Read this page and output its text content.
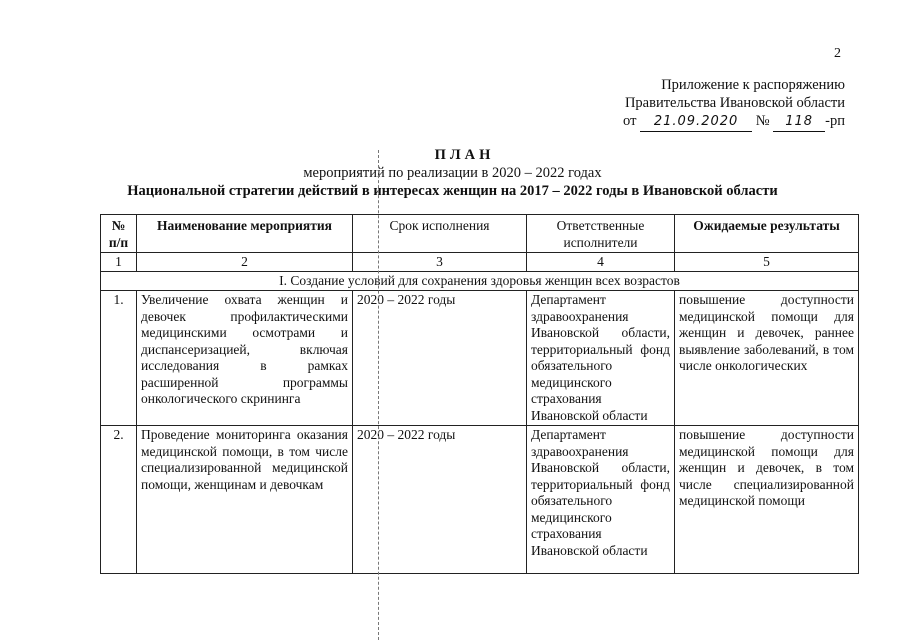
2
Приложение к распоряжению
Правительства Ивановской области
от 21.09.2020 № 118 -рп
ПЛАН
мероприятий по реализации в 2020 – 2022 годах
Национальной стратегии действий в интересах женщин на 2017 – 2022 годы в Ивановской области
№ п/п	Наименование мероприятия	Срок исполнения	Ответственные исполнители	Ожидаемые результаты
1	2	3	4	5
I. Создание условий для сохранения здоровья женщин всех возрастов				
1.	Увеличение охвата женщин и девочек профилактическими медицинскими осмотрами и диспансеризацией, включая исследования в рамках расширенной программы онкологического скрининга	2020 – 2022 годы	Департамент здравоохранения Ивановской области, территориальный фонд обязательного медицинского страхования Ивановской области	повышение доступности медицинской помощи для женщин и девочек, раннее выявление заболеваний, в том числе онкологических
2.	Проведение мониторинга оказания медицинской помощи, в том числе специализированной медицинской помощи, женщинам и девочкам	2020 – 2022 годы	Департамент здравоохранения Ивановской области, территориальный фонд обязательного медицинского страхования Ивановской области	повышение доступности медицинской помощи для женщин и девочек, в том числе специализированной медицинской помощи
